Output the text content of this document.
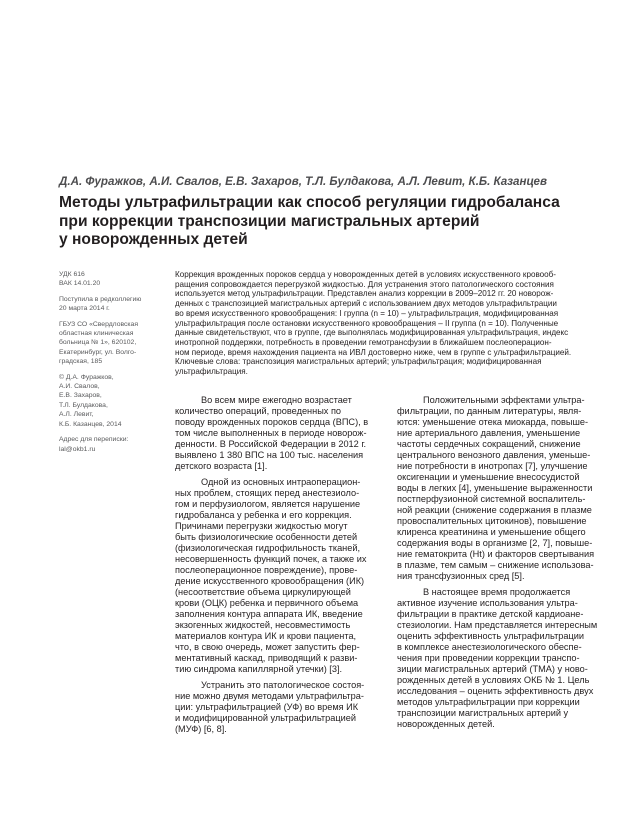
Д.А. Фуражков, А.И. Свалов, Е.В. Захаров, Т.Л. Булдакова, А.Л. Левит, К.Б. Казанцев
Методы ультрафильтрации как способ регуляции гидробаланса
при коррекции транспозиции магистральных артерий
у новорожденных детей
УДК 616
ВАК 14.01.20
Поступила в редколлегию
20 марта 2014 г.
ГБУЗ СО «Свердловская
областная клиническая
больница № 1», 620102,
Екатеринбург, ул. Волго-
градская, 185
© Д.А. Фуражков,
А.И. Свалов,
Е.В. Захаров,
Т.Л. Булдакова,
А.Л. Левит,
К.Б. Казанцев, 2014
Адрес для переписки:
lal@okb1.ru
Коррекция врожденных пороков сердца у новорожденных детей в условиях искусственного кровооб-
ращения сопровождается перегрузкой жидкостью. Для устранения этого патологического состояния
используется метод ультрафильтрации. Представлен анализ коррекции в 2009–2012 гг. 20 новорож-
денных с транспозицией магистральных артерий с использованием двух методов ультрафильтрации
во время искусственного кровообращения: I группа (n = 10) – ультрафильтрация, модифицированная
ультрафильтрация после остановки искусственного кровообращения – II группа (n = 10). Полученные
данные свидетельствуют, что в группе, где выполнялась модифицированная ультрафильтрация, индекс
инотропной поддержки, потребность в проведении гемотрансфузии в ближайшем послеоперацион-
ном периоде, время нахождения пациента на ИВЛ достоверно ниже, чем в группе с ультрафильтрацией.
Ключевые слова: транспозиция магистральных артерий; ультрафильтрация; модифицированная
ультрафильтрация.
Во всем мире ежегодно возрастает
количество операций, проведенных по
поводу врожденных пороков сердца (ВПС), в
том числе выполненных в периоде новорож-
денности. В Российской Федерации в 2012 г.
выявлено 1 380 ВПС на 100 тыс. населения
детского возраста [1].
Одной из основных интраоперацион-
ных проблем, стоящих перед анестезиоло-
гом и перфузиологом, является нарушение
гидробаланса у ребенка и его коррекция.
Причинами перегрузки жидкостью могут
быть физиологические особенности детей
(физиологическая гидрофильность тканей,
несовершенность функций почек, а также их
послеоперационное повреждение), прове-
дение искусственного кровообращения (ИК)
(несоответствие объема циркулирующей
крови (ОЦК) ребенка и первичного объема
заполнения контура аппарата ИК, введение
экзогенных жидкостей, несовместимость
материалов контура ИК и крови пациента,
что, в свою очередь, может запустить фер-
ментативный каскад, приводящий к разви-
тию синдрома капиллярной утечки) [3].
Устранить это патологическое состоя-
ние можно двумя методами ультрафильтра-
ции: ультрафильтрацией (УФ) во время ИК
и модифицированной ультрафильтрацией
(МУФ) [6, 8].
Положительными эффектами ультра-
фильтрации, по данным литературы, явля-
ются: уменьшение отека миокарда, повыше-
ние артериального давления, уменьшение
частоты сердечных сокращений, снижение
центрального венозного давления, уменьше-
ние потребности в инотропах [7], улучшение
оксигенации и уменьшение внесосудистой
воды в легких [4], уменьшение выраженности
постперфузионной системной воспалитель-
ной реакции (снижение содержания в плазме
провоспалительных цитокинов), повышение
клиренса креатинина и уменьшение общего
содержания воды в организме [2, 7], повыше-
ние гематокрита (Ht) и факторов свертывания
в плазме, тем самым – снижение использова-
ния трансфузионных сред [5].
В настоящее время продолжается
активное изучение использования ультра-
фильтрации в практике детской кардиоане-
стезиологии. Нам представляется интересным
оценить эффективность ультрафильтрации
в комплексе анестезиологического обеспе-
чения при проведении коррекции транспо-
зиции магистральных артерий (ТМА) у ново-
рожденных детей в условиях ОКБ № 1. Цель
исследования – оценить эффективность двух
методов ультрафильтрации при коррекции
транспозиции магистральных артерий у
новорожденных детей.
